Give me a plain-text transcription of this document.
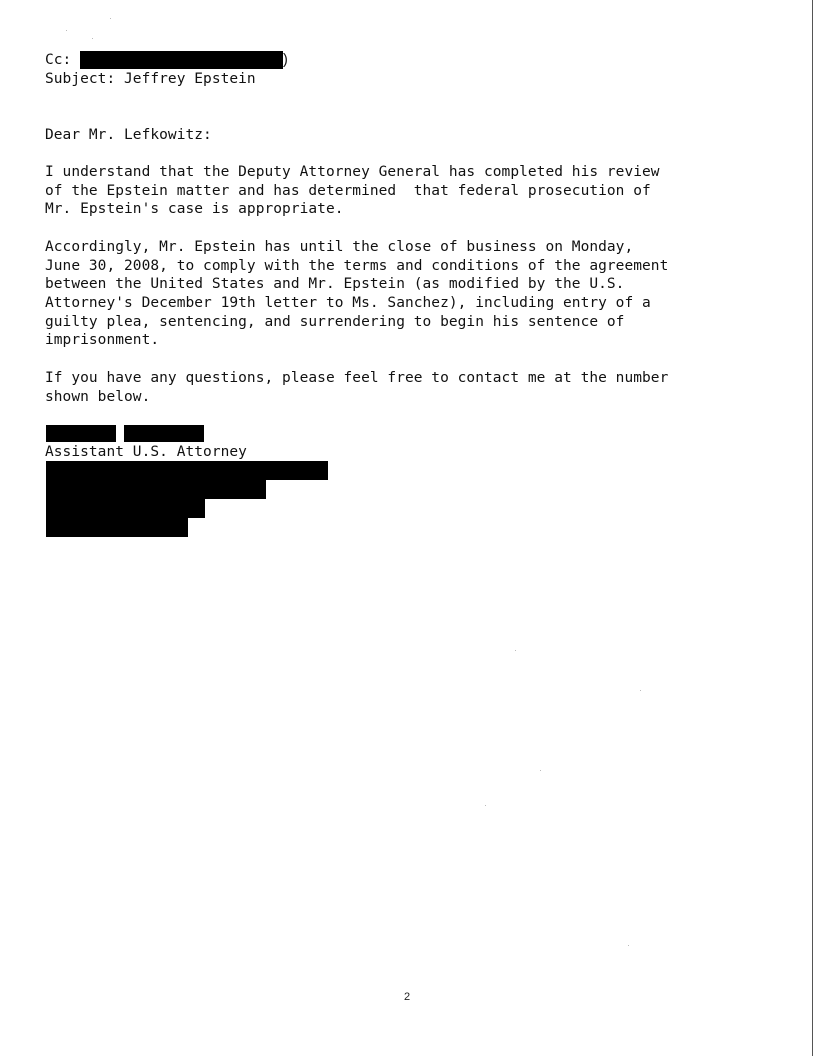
Cc:	)
Subject: Jeffrey Epstein
Dear Mr. Lefkowitz:
I understand that the Deputy Attorney General has completed his review
of the Epstein matter and has determined  that federal prosecution of
Mr. Epstein's case is appropriate.
Accordingly, Mr. Epstein has until the close of business on Monday,
June 30, 2008, to comply with the terms and conditions of the agreement
between the United States and Mr. Epstein (as modified by the U.S.
Attorney's December 19th letter to Ms. Sanchez), including entry of a
guilty plea, sentencing, and surrendering to begin his sentence of
imprisonment.
If you have any questions, please feel free to contact me at the number
shown below.
Assistant U.S. Attorney
2
